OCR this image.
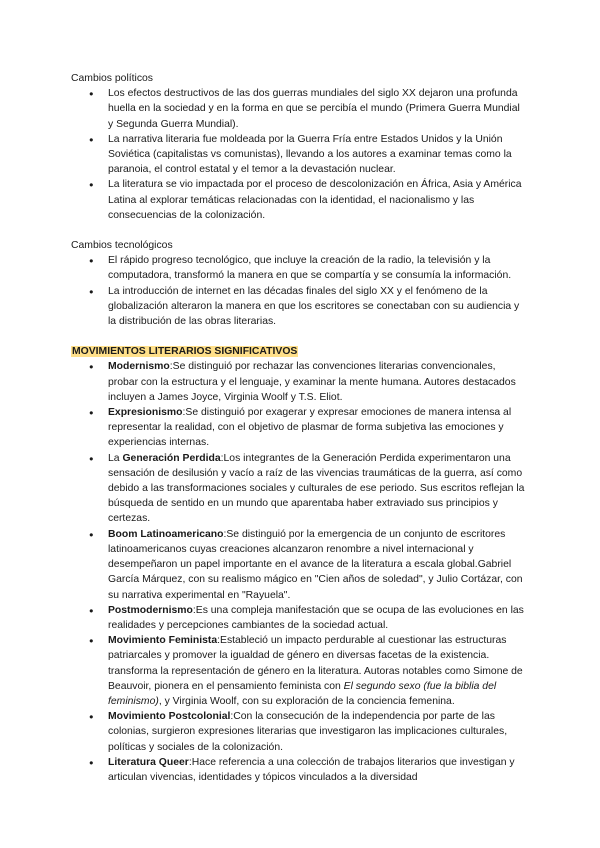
Cambios políticos

● Los efectos destructivos de las dos guerras mundiales del siglo XX dejaron una profunda huella en la sociedad y en la forma en que se percibía el mundo (Primera Guerra Mundial y Segunda Guerra Mundial).
● La narrativa literaria fue moldeada por la Guerra Fría entre Estados Unidos y la Unión Soviética (capitalistas vs comunistas), llevando a los autores a examinar temas como la paranoia, el control estatal y el temor a la devastación nuclear.
● La literatura se vio impactada por el proceso de descolonización en África, Asia y América Latina al explorar temáticas relacionadas con la identidad, el nacionalismo y las consecuencias de la colonización.

Cambios tecnológicos

● El rápido progreso tecnológico, que incluye la creación de la radio, la televisión y la computadora, transformó la manera en que se compartía y se consumía la información.
● La introducción de internet en las décadas finales del siglo XX y el fenómeno de la globalización alteraron la manera en que los escritores se conectaban con su audiencia y la distribución de las obras literarias.

MOVIMIENTOS LITERARIOS SIGNIFICATIVOS

● Modernismo:Se distinguió por rechazar las convenciones literarias convencionales, probar con la estructura y el lenguaje, y examinar la mente humana. Autores destacados incluyen a James Joyce, Virginia Woolf y T.S. Eliot.
● Expresionismo:Se distinguió por exagerar y expresar emociones de manera intensa al representar la realidad, con el objetivo de plasmar de forma subjetiva las emociones y experiencias internas.
● La Generación Perdida:Los integrantes de la Generación Perdida experimentaron una sensación de desilusión y vacío a raíz de las vivencias traumáticas de la guerra, así como debido a las transformaciones sociales y culturales de ese periodo. Sus escritos reflejan la búsqueda de sentido en un mundo que aparentaba haber extraviado sus principios y certezas.
● Boom Latinoamericano:Se distinguió por la emergencia de un conjunto de escritores latinoamericanos cuyas creaciones alcanzaron renombre a nivel internacional y desempeñaron un papel importante en el avance de la literatura a escala global.Gabriel García Márquez, con su realismo mágico en "Cien años de soledad", y Julio Cortázar, con su narrativa experimental en "Rayuela".
● Postmodernismo:Es una compleja manifestación que se ocupa de las evoluciones en las realidades y percepciones cambiantes de la sociedad actual.
● Movimiento Feminista:Estableció un impacto perdurable al cuestionar las estructuras patriarcales y promover la igualdad de género en diversas facetas de la existencia. transforma la representación de género en la literatura. Autoras notables como Simone de Beauvoir, pionera en el pensamiento feminista con El segundo sexo (fue la biblia del feminismo), y Virginia Woolf, con su exploración de la conciencia femenina.
● Movimiento Postcolonial:Con la consecución de la independencia por parte de las colonias, surgieron expresiones literarias que investigaron las implicaciones culturales, políticas y sociales de la colonización.
● Literatura Queer:Hace referencia a una colección de trabajos literarios que investigan y articulan vivencias, identidades y tópicos vinculados a la diversidad
